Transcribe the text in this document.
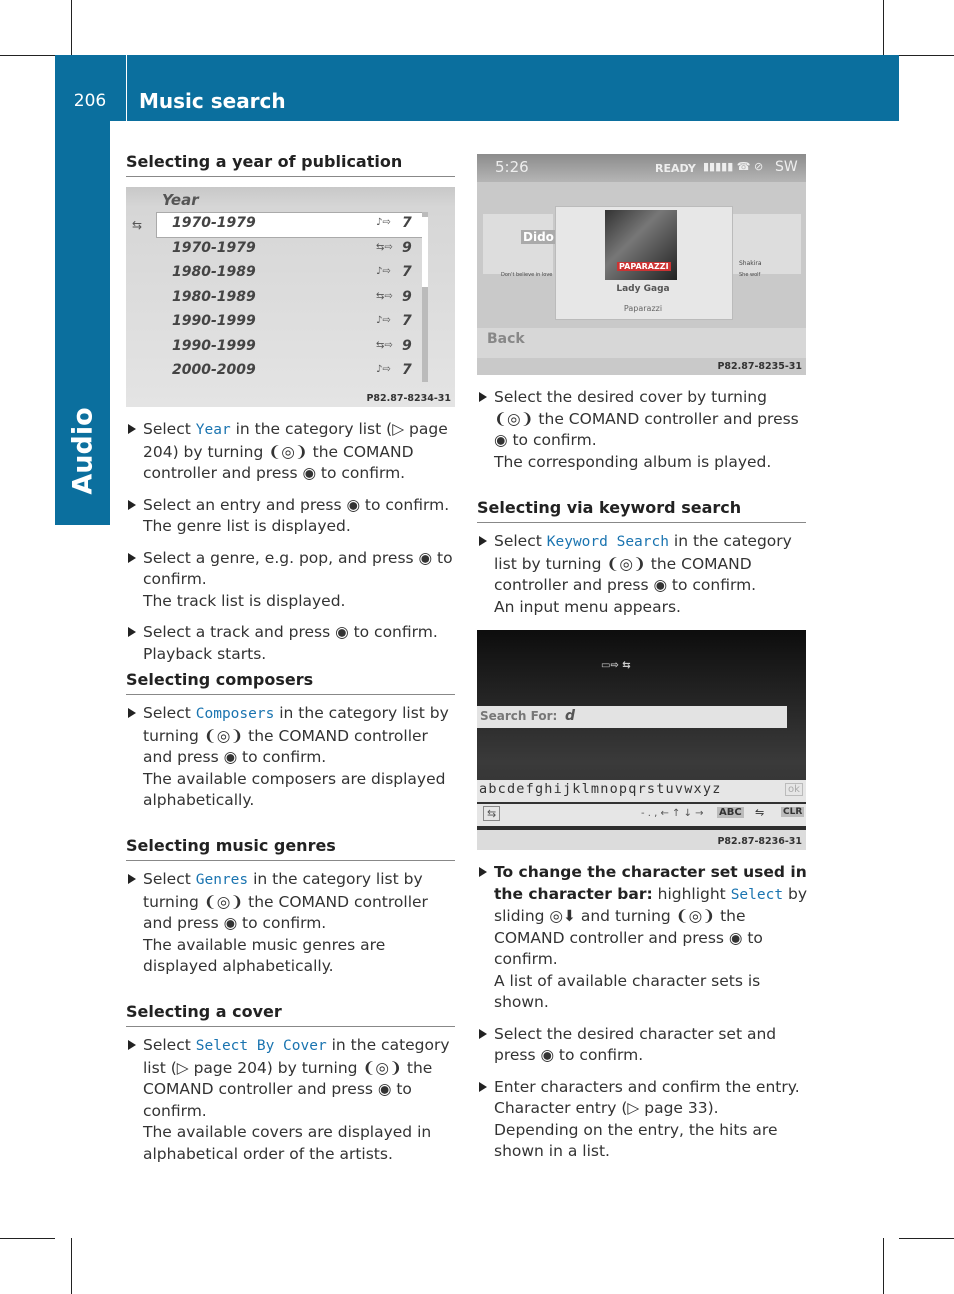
206	Music search
Audio
Selecting a year of publication
Year
⇆ 1970-1979	♪⇨ 7
1970-1979	⇆⇨ 9
1980-1989	♪⇨ 7
1980-1989	⇆⇨ 9
1990-1999	♪⇨ 7
1990-1999	⇆⇨ 9
2000-2009	♪⇨ 7
P82.87-8234-31
Select Year in the category list (▷ page 204) by turning ❨◎❩ the COMAND controller and press ◉ to confirm.
Select an entry and press ◉ to confirm.
The genre list is displayed.
Select a genre, e.g. pop, and press ◉ to confirm.
The track list is displayed.
Select a track and press ◉ to confirm.
Playback starts.
Selecting composers
Select Composers in the category list by turning ❨◎❩ the COMAND controller and press ◉ to confirm.
The available composers are displayed alphabetically.
Selecting music genres
Select Genres in the category list by turning ❨◎❩ the COMAND controller and press ◉ to confirm.
The available music genres are displayed alphabetically.
Selecting a cover
Select Select By Cover in the category list (▷ page 204) by turning ❨◎❩ the COMAND controller and press ◉ to confirm.
The available covers are displayed in alphabetical order of the artists.
5:26	READY ▮▮▮▮▮ ☎ ⊘ SW
Dido
Don't believe in love
Shakira
She wolf
PAPARAZZI
Lady Gaga
Paparazzi
Back
P82.87-8235-31
Select the desired cover by turning ❨◎❩ the COMAND controller and press ◉ to confirm.
The corresponding album is played.
Selecting via keyword search
Select Keyword Search in the category list by turning ❨◎❩ the COMAND controller and press ◉ to confirm.
An input menu appears.
▭⇨ ⇆
Search For: d
abcdefghijklmnopqrstuvwxyz	ok
⇆	- . , ← ↑ ↓ → ABC ⇋ CLR
P82.87-8236-31
To change the character set used in the character bar: highlight Select by sliding ◎⬇ and turning ❨◎❩ the COMAND controller and press ◉ to confirm.
A list of available character sets is shown.
Select the desired character set and press ◉ to confirm.
Enter characters and confirm the entry.
Character entry (▷ page 33).
Depending on the entry, the hits are shown in a list.
